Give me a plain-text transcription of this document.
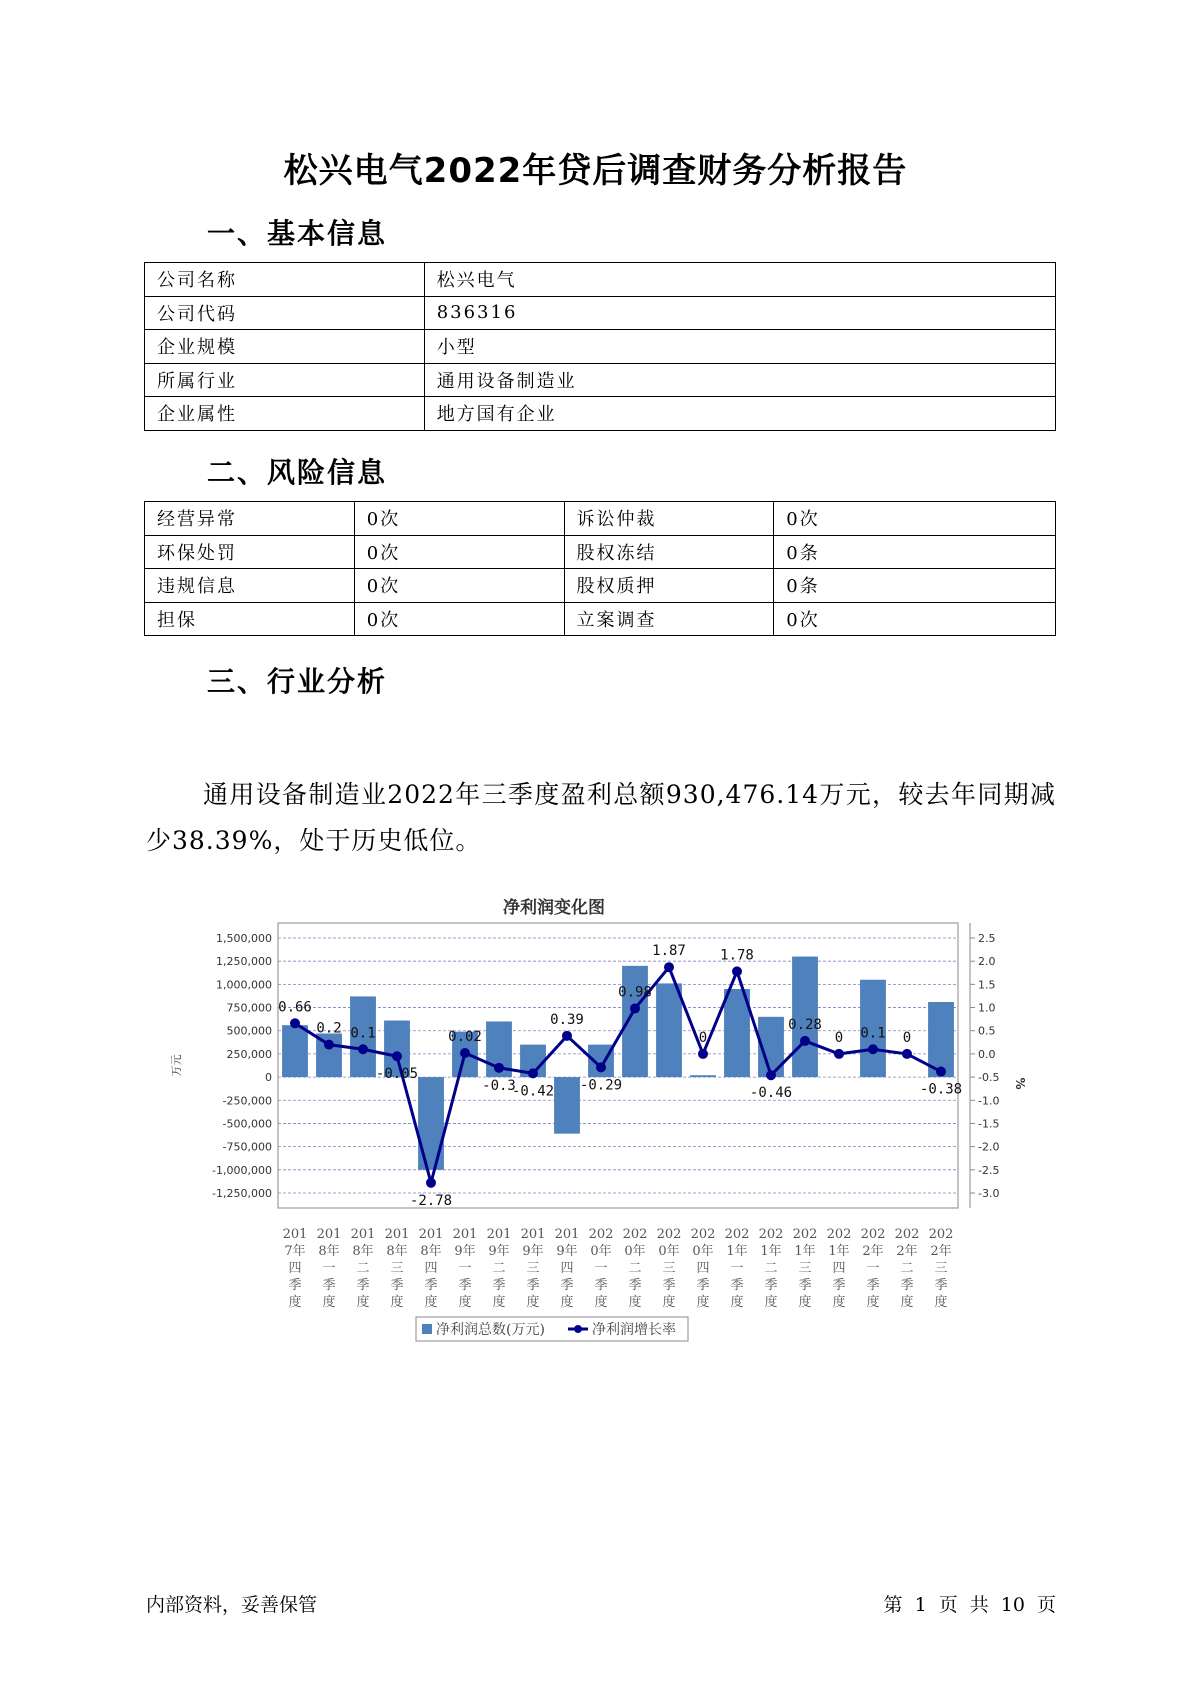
松兴电气2022年贷后调查财务分析报告
一、基本信息
公司名称	松兴电气
公司代码	836316
企业规模	小型
所属行业	通用设备制造业
企业属性	地方国有企业
二、风险信息
经营异常	0次	诉讼仲裁	0次
环保处罚	0次	股权冻结	0条
违规信息	0次	股权质押	0条
担保	0次	立案调查	0次
三、行业分析
通用设备制造业2022年三季度盈利总额930,476.14万元，较去年同期减少38.39%，处于历史低位。
净利润变化图
1,500,000
1,250,000
1,000,000
750,000
500,000
250,000
0
-250,000
-500,000
-750,000
-1,000,000
-1,250,000
万元
2.5
2.0
1.5
1.0
0.5
0.0
-0.5
-1.0
-1.5
-2.0
-2.5
-3.0
%
0.66
0.2 0.1
-0.05
-2.78
0.02
-0.3
-0.42
0.39
-0.29
0.98
1.87
0
1.78
-0.46
0.28
0 0.1 0
-0.38
201
7年
四
季
度
201
8年
一
季
度
201
8年
二
季
度
201
8年
三
季
度
201
8年
四
季
度
201
9年
一
季
度
201
9年
二
季
度
201
9年
三
季
度
201
9年
四
季
度
202
0年
一
季
度
202
0年
二
季
度
202
0年
三
季
度
202
0年
四
季
度
202
1年
一
季
度
202
1年
二
季
度
202
1年
三
季
度
202
1年
四
季
度
202
2年
一
季
度
202
2年
二
季
度
202
2年
三
季
度
净利润总数(万元)	净利润增长率
内部资料，妥善保管	第 1 页 共 10 页
